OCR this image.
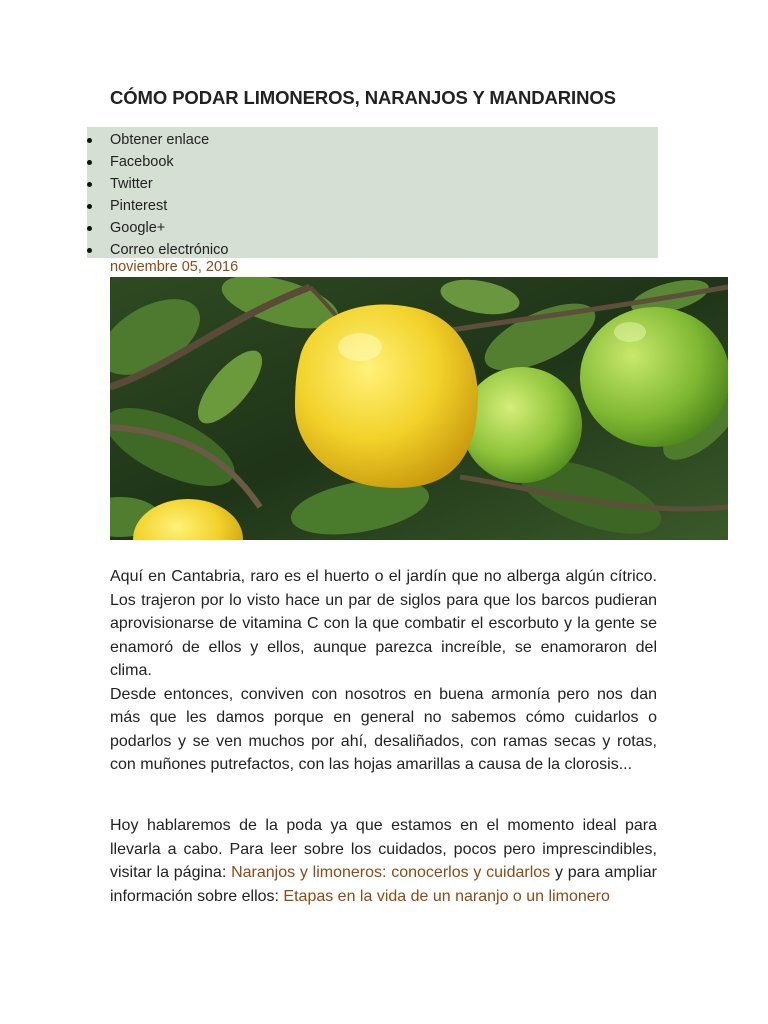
CÓMO PODAR LIMONEROS, NARANJOS Y MANDARINOS
Obtener enlace
Facebook
Twitter
Pinterest
Google+
Correo electrónico
noviembre 05, 2016
Aquí en Cantabria, raro es el huerto o el jardín que no alberga algún cítrico. Los trajeron por lo visto hace un par de siglos para que los barcos pudieran aprovisionarse de vitamina C con la que combatir el escorbuto y la gente se enamoró de ellos y ellos, aunque parezca increíble, se enamoraron del clima.
Desde entonces, conviven con nosotros en buena armonía pero nos dan más que les damos porque en general no sabemos cómo cuidarlos o podarlos y se ven muchos por ahí, desaliñados, con ramas secas y rotas, con muñones putrefactos, con las hojas amarillas a causa de la clorosis...

Hoy hablaremos de la poda ya que estamos en el momento ideal para llevarla a cabo. Para leer sobre los cuidados, pocos pero imprescindibles, visitar la página: Naranjos y limoneros: conocerlos y cuidarlos y para ampliar información sobre ellos: Etapas en la vida de un naranjo o un limonero
